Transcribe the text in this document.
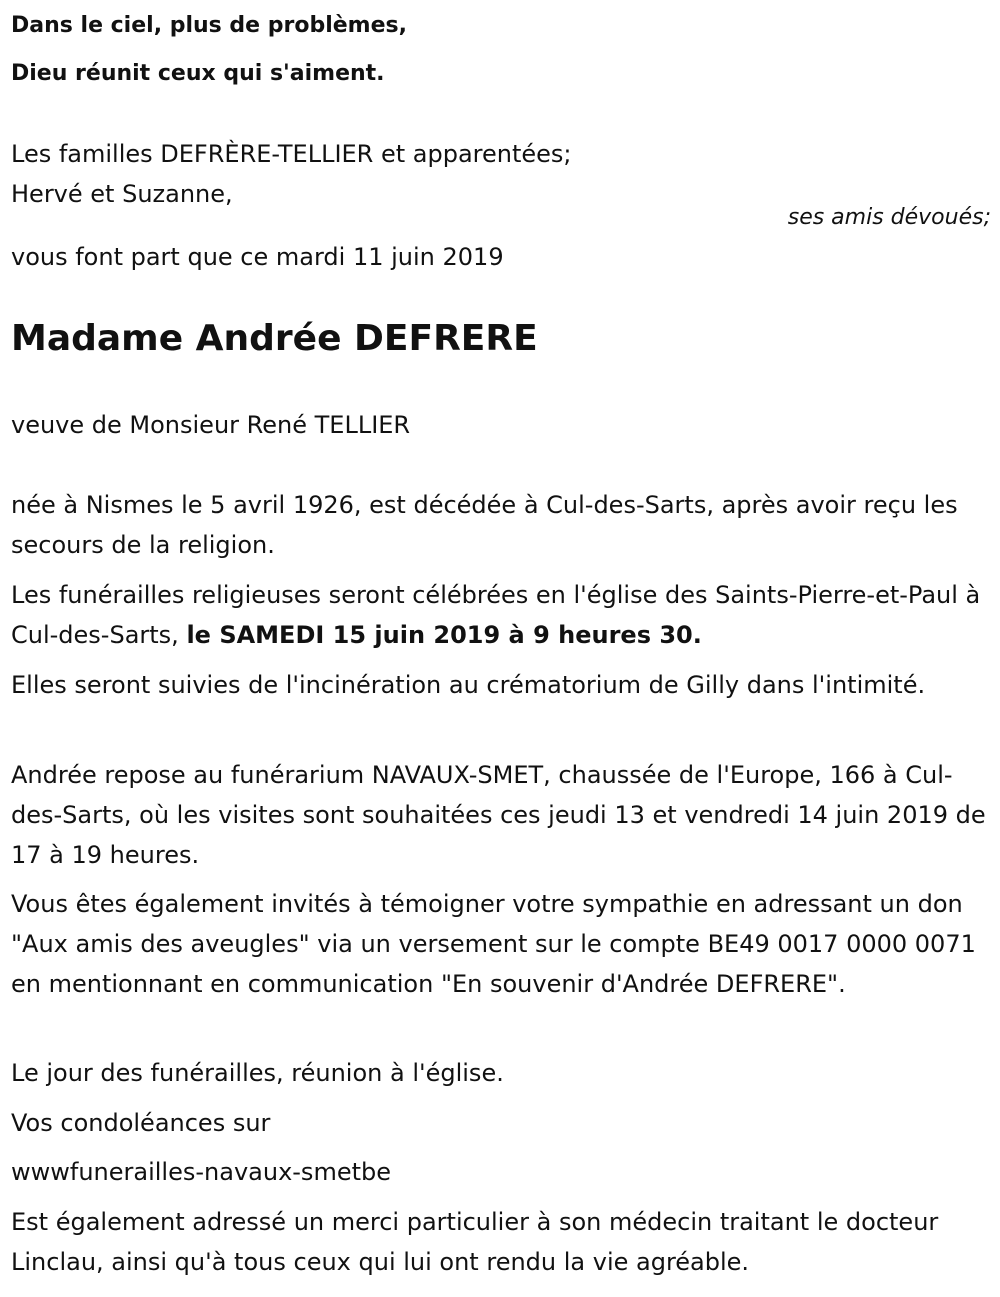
Dans le ciel, plus de problèmes,
Dieu réunit ceux qui s'aiment.
Les familles DEFRÈRE-TELLIER et apparentées;
Hervé et Suzanne,
ses amis dévoués;
vous font part que ce mardi 11 juin 2019
Madame Andrée DEFRERE
veuve de Monsieur René TELLIER

née à Nismes le 5 avril 1926, est décédée à Cul-des-Sarts, après avoir reçu les secours de la religion.

Les funérailles religieuses seront célébrées en l'église des Saints-Pierre-et-Paul à Cul-des-Sarts, le SAMEDI 15 juin 2019 à 9 heures 30.

Elles seront suivies de l'incinération au crématorium de Gilly dans l'intimité.

Andrée repose au funérarium NAVAUX-SMET, chaussée de l'Europe, 166 à Cul-des-Sarts, où les visites sont souhaitées ces jeudi 13 et vendredi 14 juin 2019 de 17 à 19 heures.

Vous êtes également invités à témoigner votre sympathie en adressant un don "Aux amis des aveugles" via un versement sur le compte BE49 0017 0000 0071 en mentionnant en communication "En souvenir d'Andrée DEFRERE".

Le jour des funérailles, réunion à l'église.
Vos condoléances sur
wwwfunerailles-navaux-smetbe

Est également adressé un merci particulier à son médecin traitant le docteur Linclau, ainsi qu'à tous ceux qui lui ont rendu la vie agréable.
